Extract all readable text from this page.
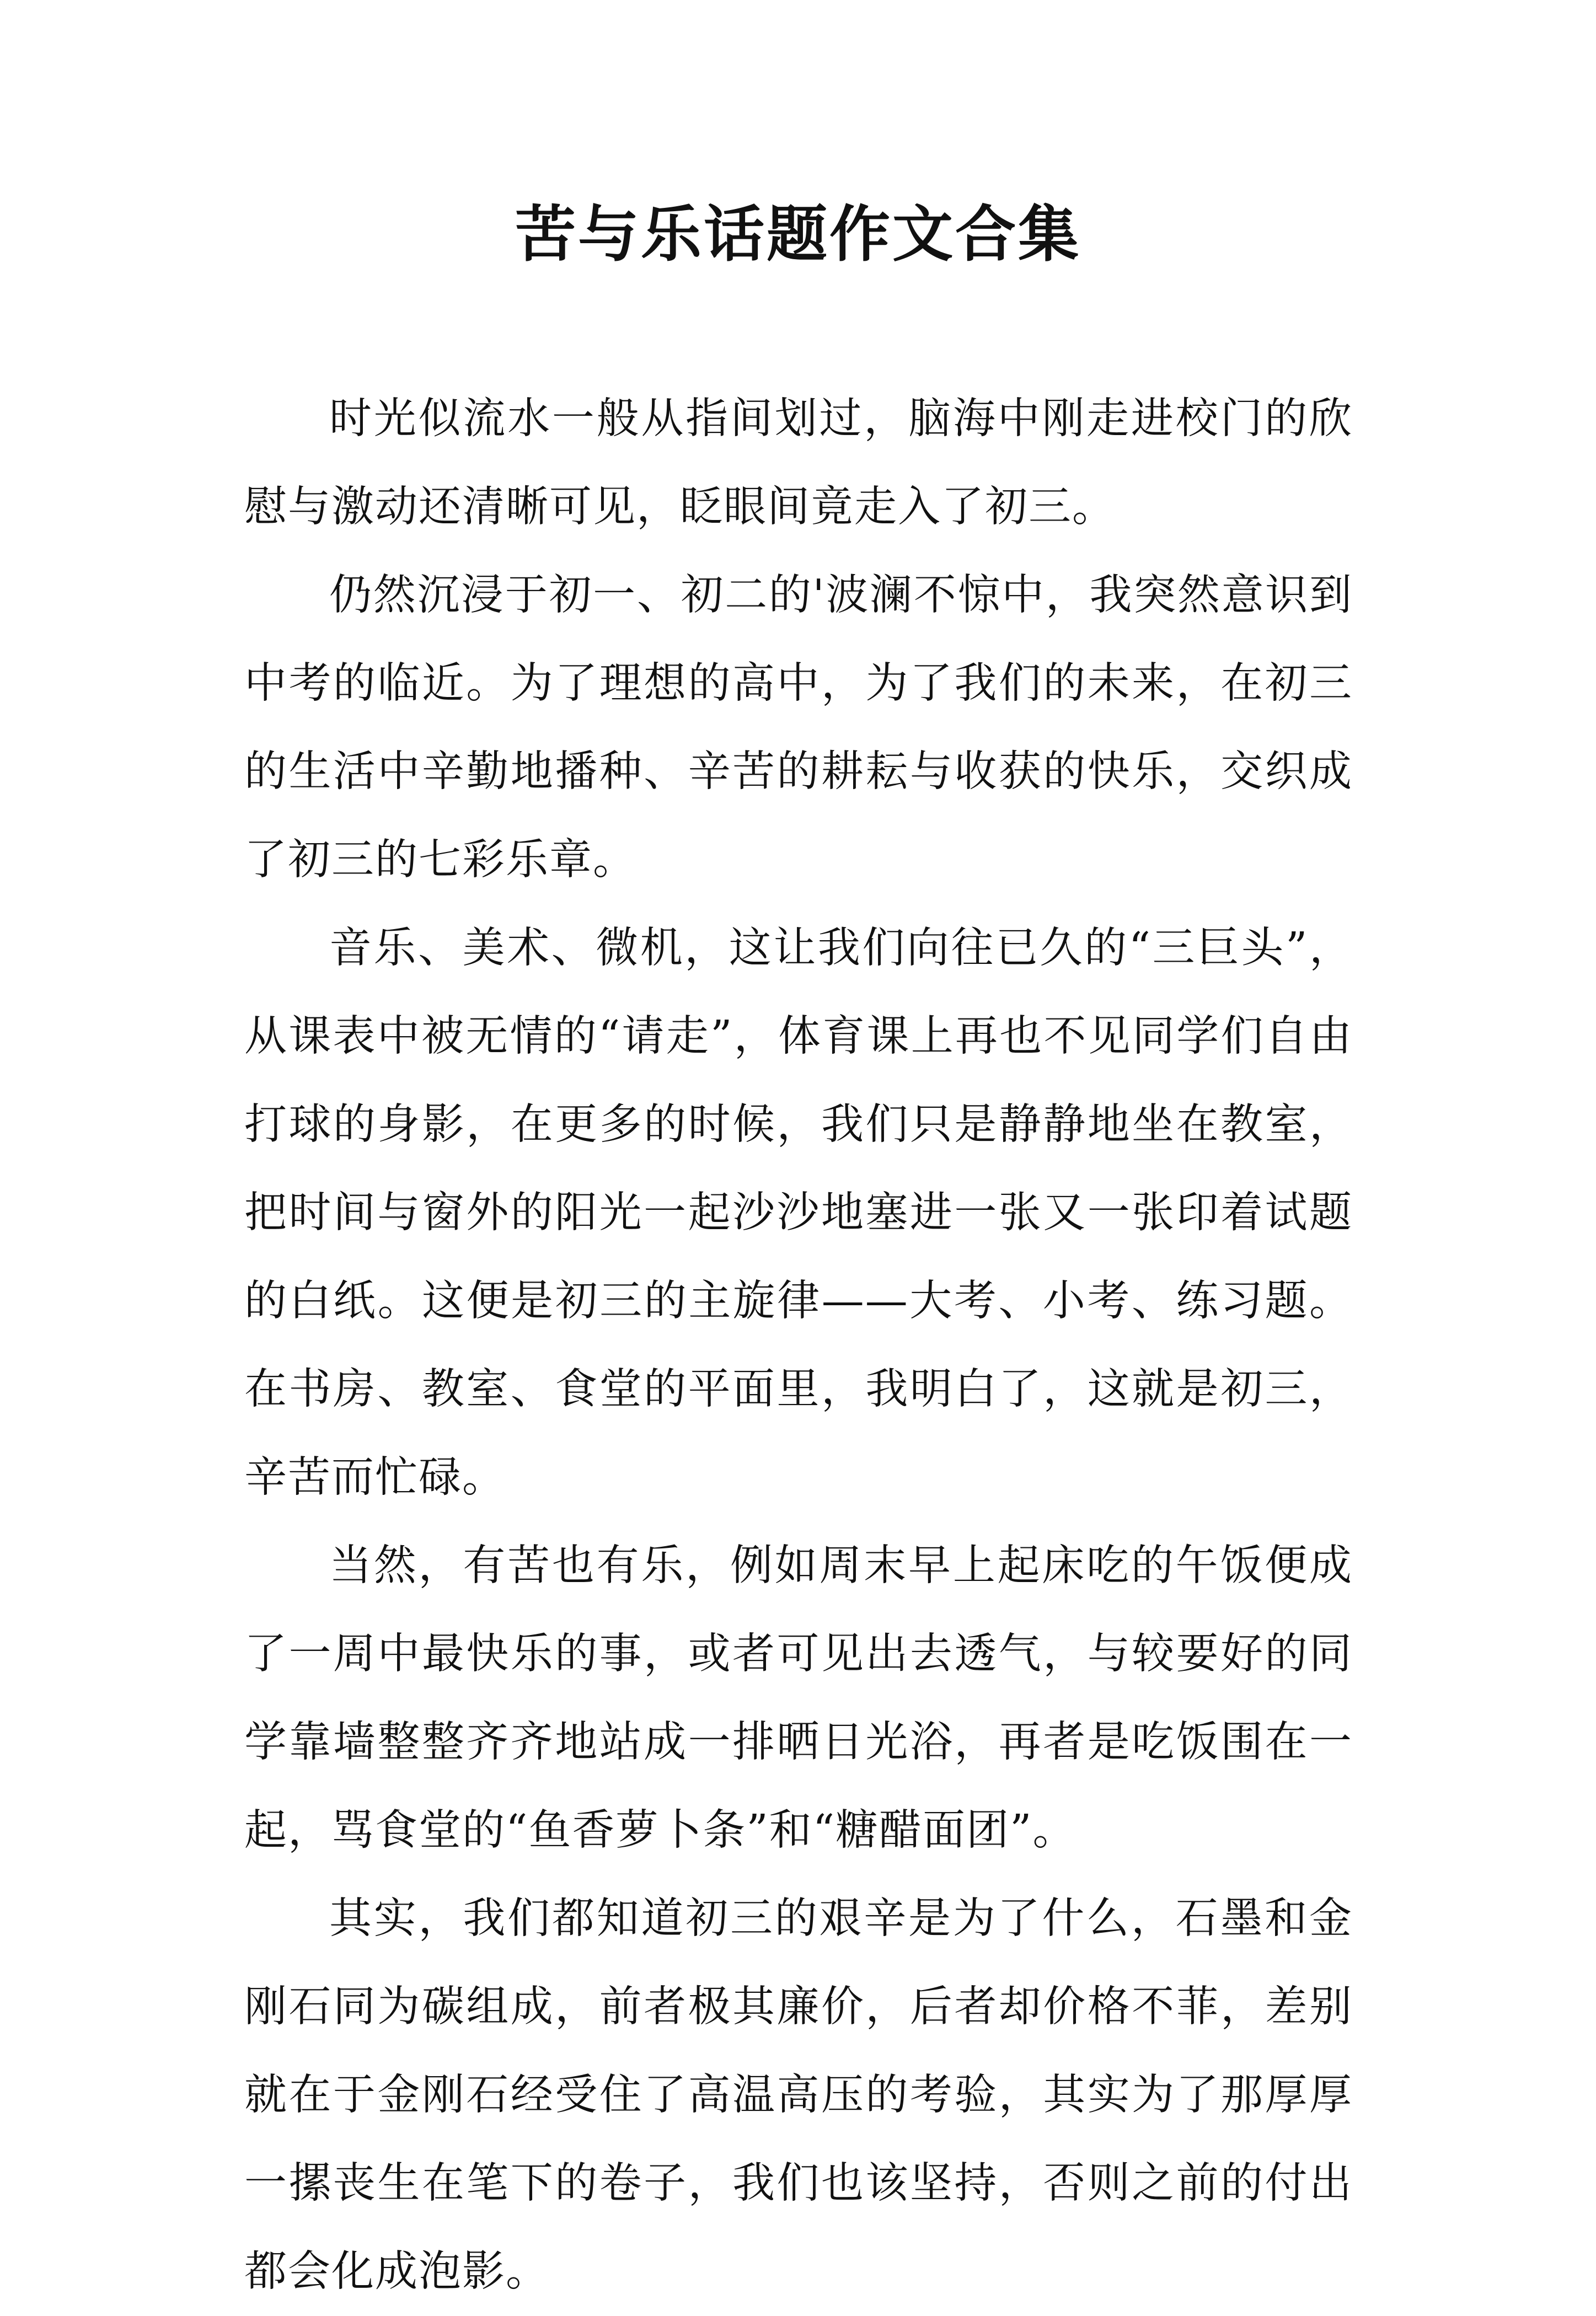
苦与乐话题作文合集

时光似流水一般从指间划过，脑海中刚走进校门的欣慰与激动还清晰可见，眨眼间竟走入了初三。

仍然沉浸于初一、初二的'波澜不惊中，我突然意识到中考的临近。为了理想的高中，为了我们的未来，在初三的生活中辛勤地播种、辛苦的耕耘与收获的快乐，交织成了初三的七彩乐章。

音乐、美术、微机，这让我们向往已久的“三巨头”，从课表中被无情的“请走”，体育课上再也不见同学们自由打球的身影，在更多的时候，我们只是静静地坐在教室，把时间与窗外的阳光一起沙沙地塞进一张又一张印着试题的白纸。这便是初三的主旋律——大考、小考、练习题。在书房、教室、食堂的平面里，我明白了，这就是初三，辛苦而忙碌。

当然，有苦也有乐，例如周末早上起床吃的午饭便成了一周中最快乐的事，或者可见出去透气，与较要好的同学靠墙整整齐齐地站成一排晒日光浴，再者是吃饭围在一起，骂食堂的“鱼香萝卜条”和“糖醋面团”。

其实，我们都知道初三的艰辛是为了什么，石墨和金刚石同为碳组成，前者极其廉价，后者却价格不菲，差别就在于金刚石经受住了高温高压的考验，其实为了那厚厚一摞丧生在笔下的卷子，我们也该坚持，否则之前的付出都会化成泡影。
